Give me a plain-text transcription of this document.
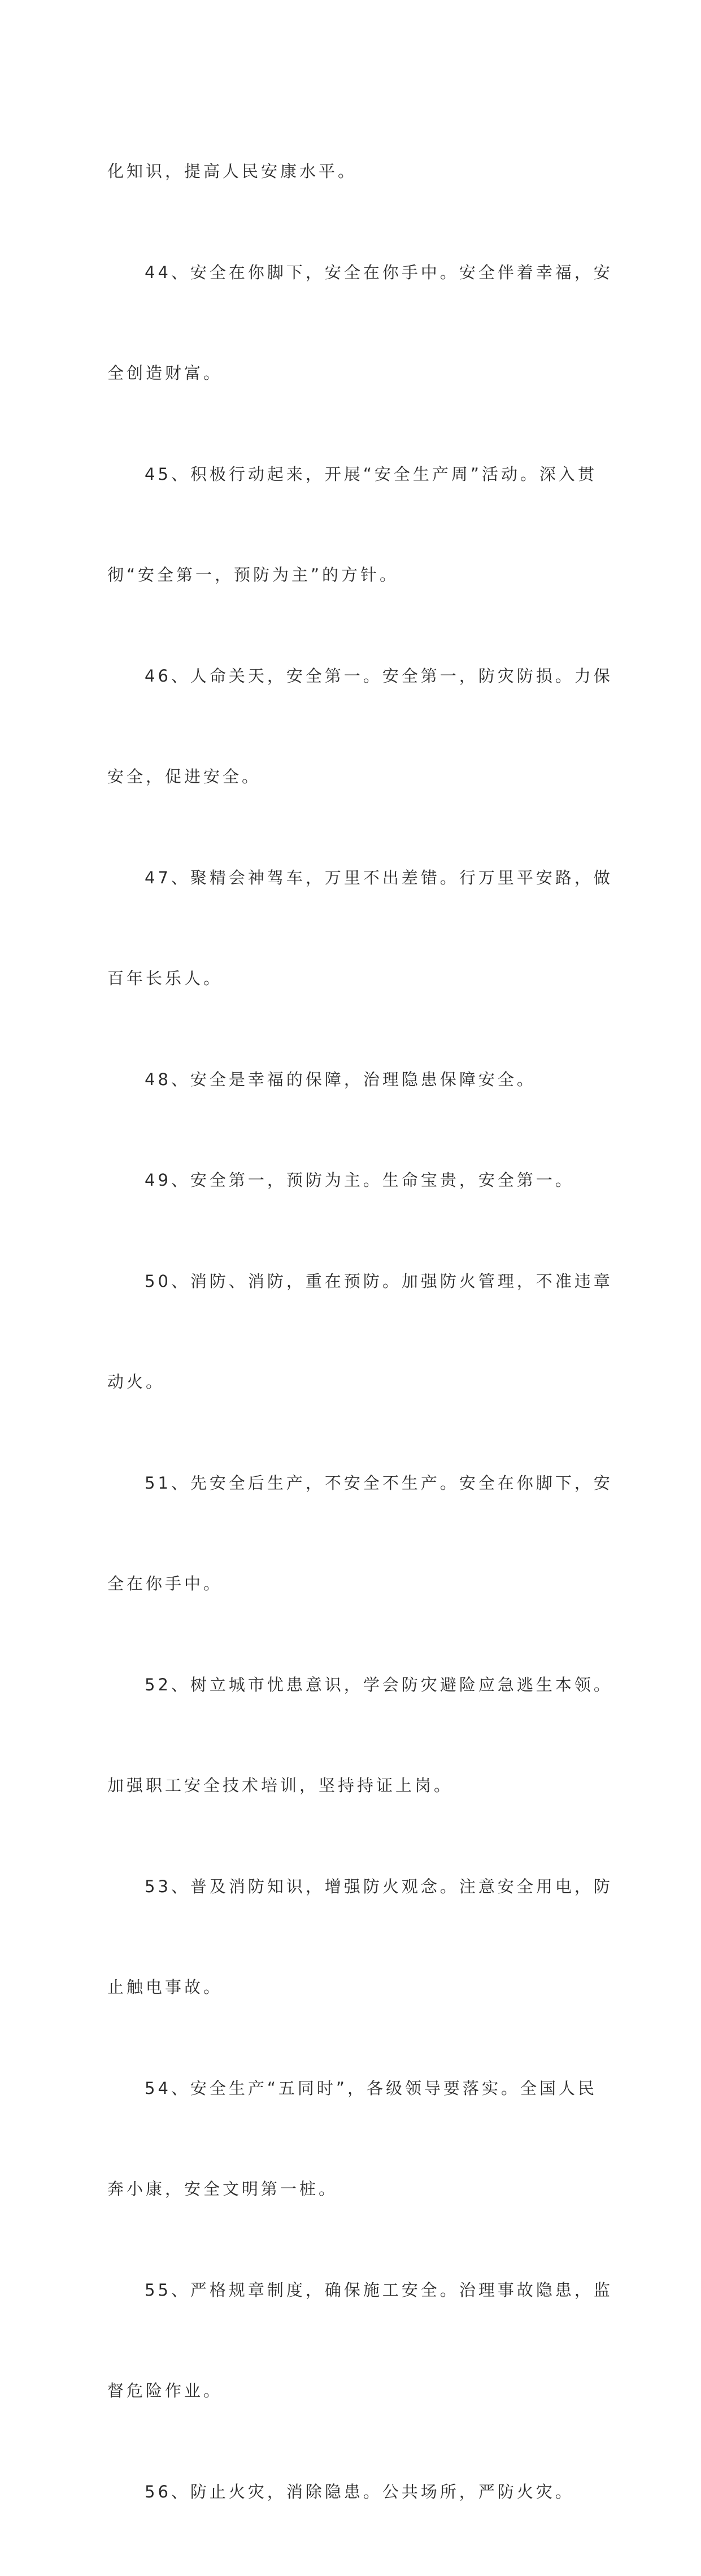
化知识，提高人民安康水平。

44、安全在你脚下，安全在你手中。安全伴着幸福，安

全创造财富。

45、积极行动起来，开展“安全生产周”活动。深入贯

彻“安全第一，预防为主”的方针。

46、人命关天，安全第一。安全第一，防灾防损。力保

安全，促进安全。

47、聚精会神驾车，万里不出差错。行万里平安路，做

百年长乐人。

48、安全是幸福的保障，治理隐患保障安全。

49、安全第一，预防为主。生命宝贵，安全第一。

50、消防、消防，重在预防。加强防火管理，不准违章

动火。

51、先安全后生产，不安全不生产。安全在你脚下，安

全在你手中。

52、树立城市忧患意识，学会防灾避险应急逃生本领。

加强职工安全技术培训，坚持持证上岗。

53、普及消防知识，增强防火观念。注意安全用电，防

止触电事故。

54、安全生产“五同时”，各级领导要落实。全国人民

奔小康，安全文明第一桩。

55、严格规章制度，确保施工安全。治理事故隐患，监

督危险作业。

56、防止火灾，消除隐患。公共场所，严防火灾。
